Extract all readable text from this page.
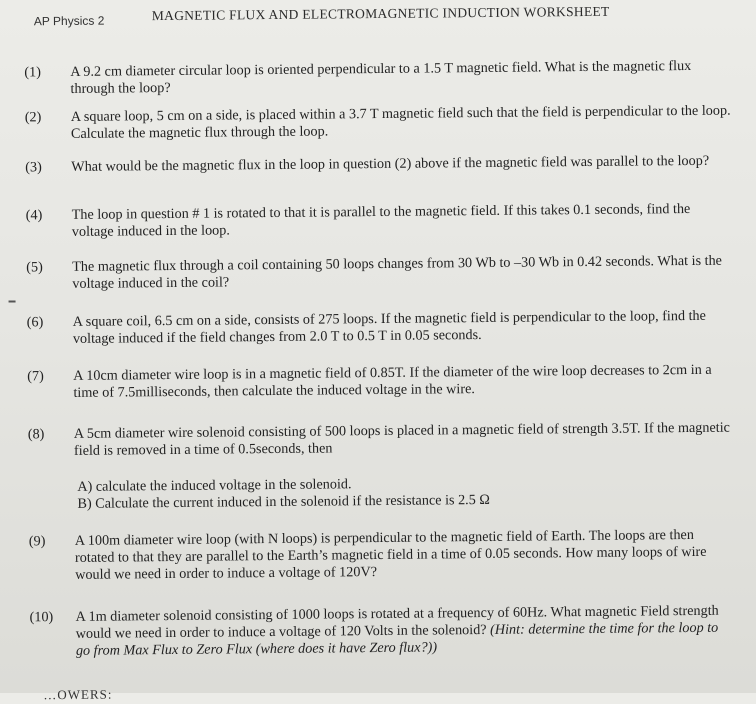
AP Physics 2	MAGNETIC FLUX AND ELECTROMAGNETIC INDUCTION WORKSHEET
(1)	A 9.2 cm diameter circular loop is oriented perpendicular to a 1.5 T magnetic field. What is the magnetic flux through the loop?
(2)	A square loop, 5 cm on a side, is placed within a 3.7 T magnetic field such that the field is perpendicular to the loop. Calculate the magnetic flux through the loop.
(3)	What would be the magnetic flux in the loop in question (2) above if the magnetic field was parallel to the loop?
(4)	The loop in question # 1 is rotated to that it is parallel to the magnetic field. If this takes 0.1 seconds, find the voltage induced in the loop.
(5)	The magnetic flux through a coil containing 50 loops changes from 30 Wb to –30 Wb in 0.42 seconds. What is the voltage induced in the coil?
(6)	A square coil, 6.5 cm on a side, consists of 275 loops. If the magnetic field is perpendicular to the loop, find the voltage induced if the field changes from 2.0 T to 0.5 T in 0.05 seconds.
(7)	A 10cm diameter wire loop is in a magnetic field of 0.85T. If the diameter of the wire loop decreases to 2cm in a time of 7.5milliseconds, then calculate the induced voltage in the wire.
(8)	A 5cm diameter wire solenoid consisting of 500 loops is placed in a magnetic field of strength 3.5T. If the magnetic field is removed in a time of 0.5seconds, then
A) calculate the induced voltage in the solenoid.
B) Calculate the current induced in the solenoid if the resistance is 2.5 Ω
(9)	A 100m diameter wire loop (with N loops) is perpendicular to the magnetic field of Earth. The loops are then rotated to that they are parallel to the Earth’s magnetic field in a time of 0.05 seconds. How many loops of wire would we need in order to induce a voltage of 120V?
(10)	A 1m diameter solenoid consisting of 1000 loops is rotated at a frequency of 60Hz. What magnetic Field strength would we need in order to induce a voltage of 120 Volts in the solenoid? (Hint: determine the time for the loop to go from Max Flux to Zero Flux (where does it have Zero flux?))
…OWERS:
